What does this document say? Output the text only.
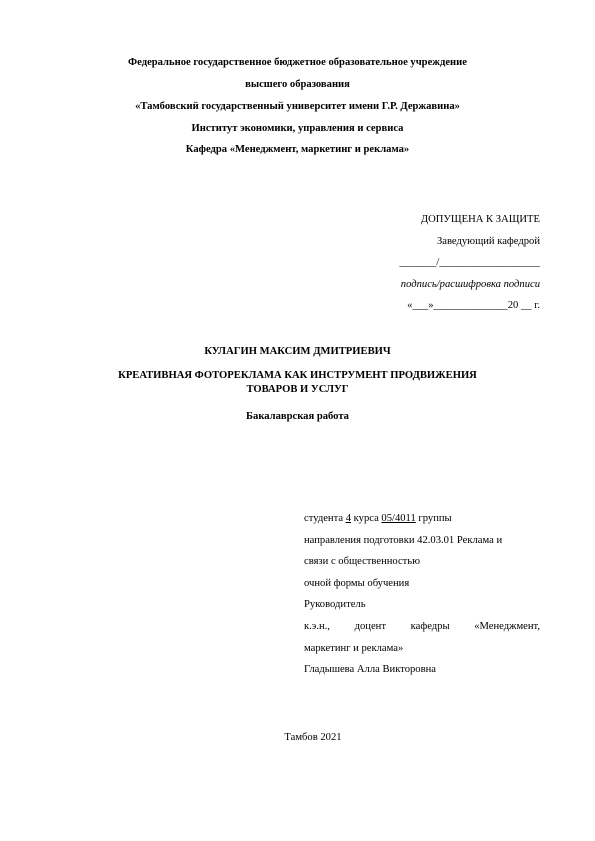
Федеральное государственное бюджетное образовательное учреждение
высшего образования
«Тамбовский государственный университет имени Г.Р. Державина»
Институт экономики, управления и сервиса
Кафедра «Менеджмент, маркетинг и реклама»
ДОПУЩЕНА К ЗАЩИТЕ
Заведующий кафедрой
_______/___________________
подпись/расшифровка подписи
«___»______________20 __ г.
КУЛАГИН МАКСИМ ДМИТРИЕВИЧ
КРЕАТИВНАЯ ФОТОРЕКЛАМА КАК ИНСТРУМЕНТ ПРОДВИЖЕНИЯ
ТОВАРОВ И УСЛУГ
Бакалаврская работа
студента 4 курса 05/4011 группы
направления подготовки 42.03.01 Реклама и
связи с общественностью
очной формы обучения
Руководитель
к.э.н., доцент кафедры «Менеджмент,
маркетинг и реклама»
Гладышева Алла Викторовна
Тамбов 2021
